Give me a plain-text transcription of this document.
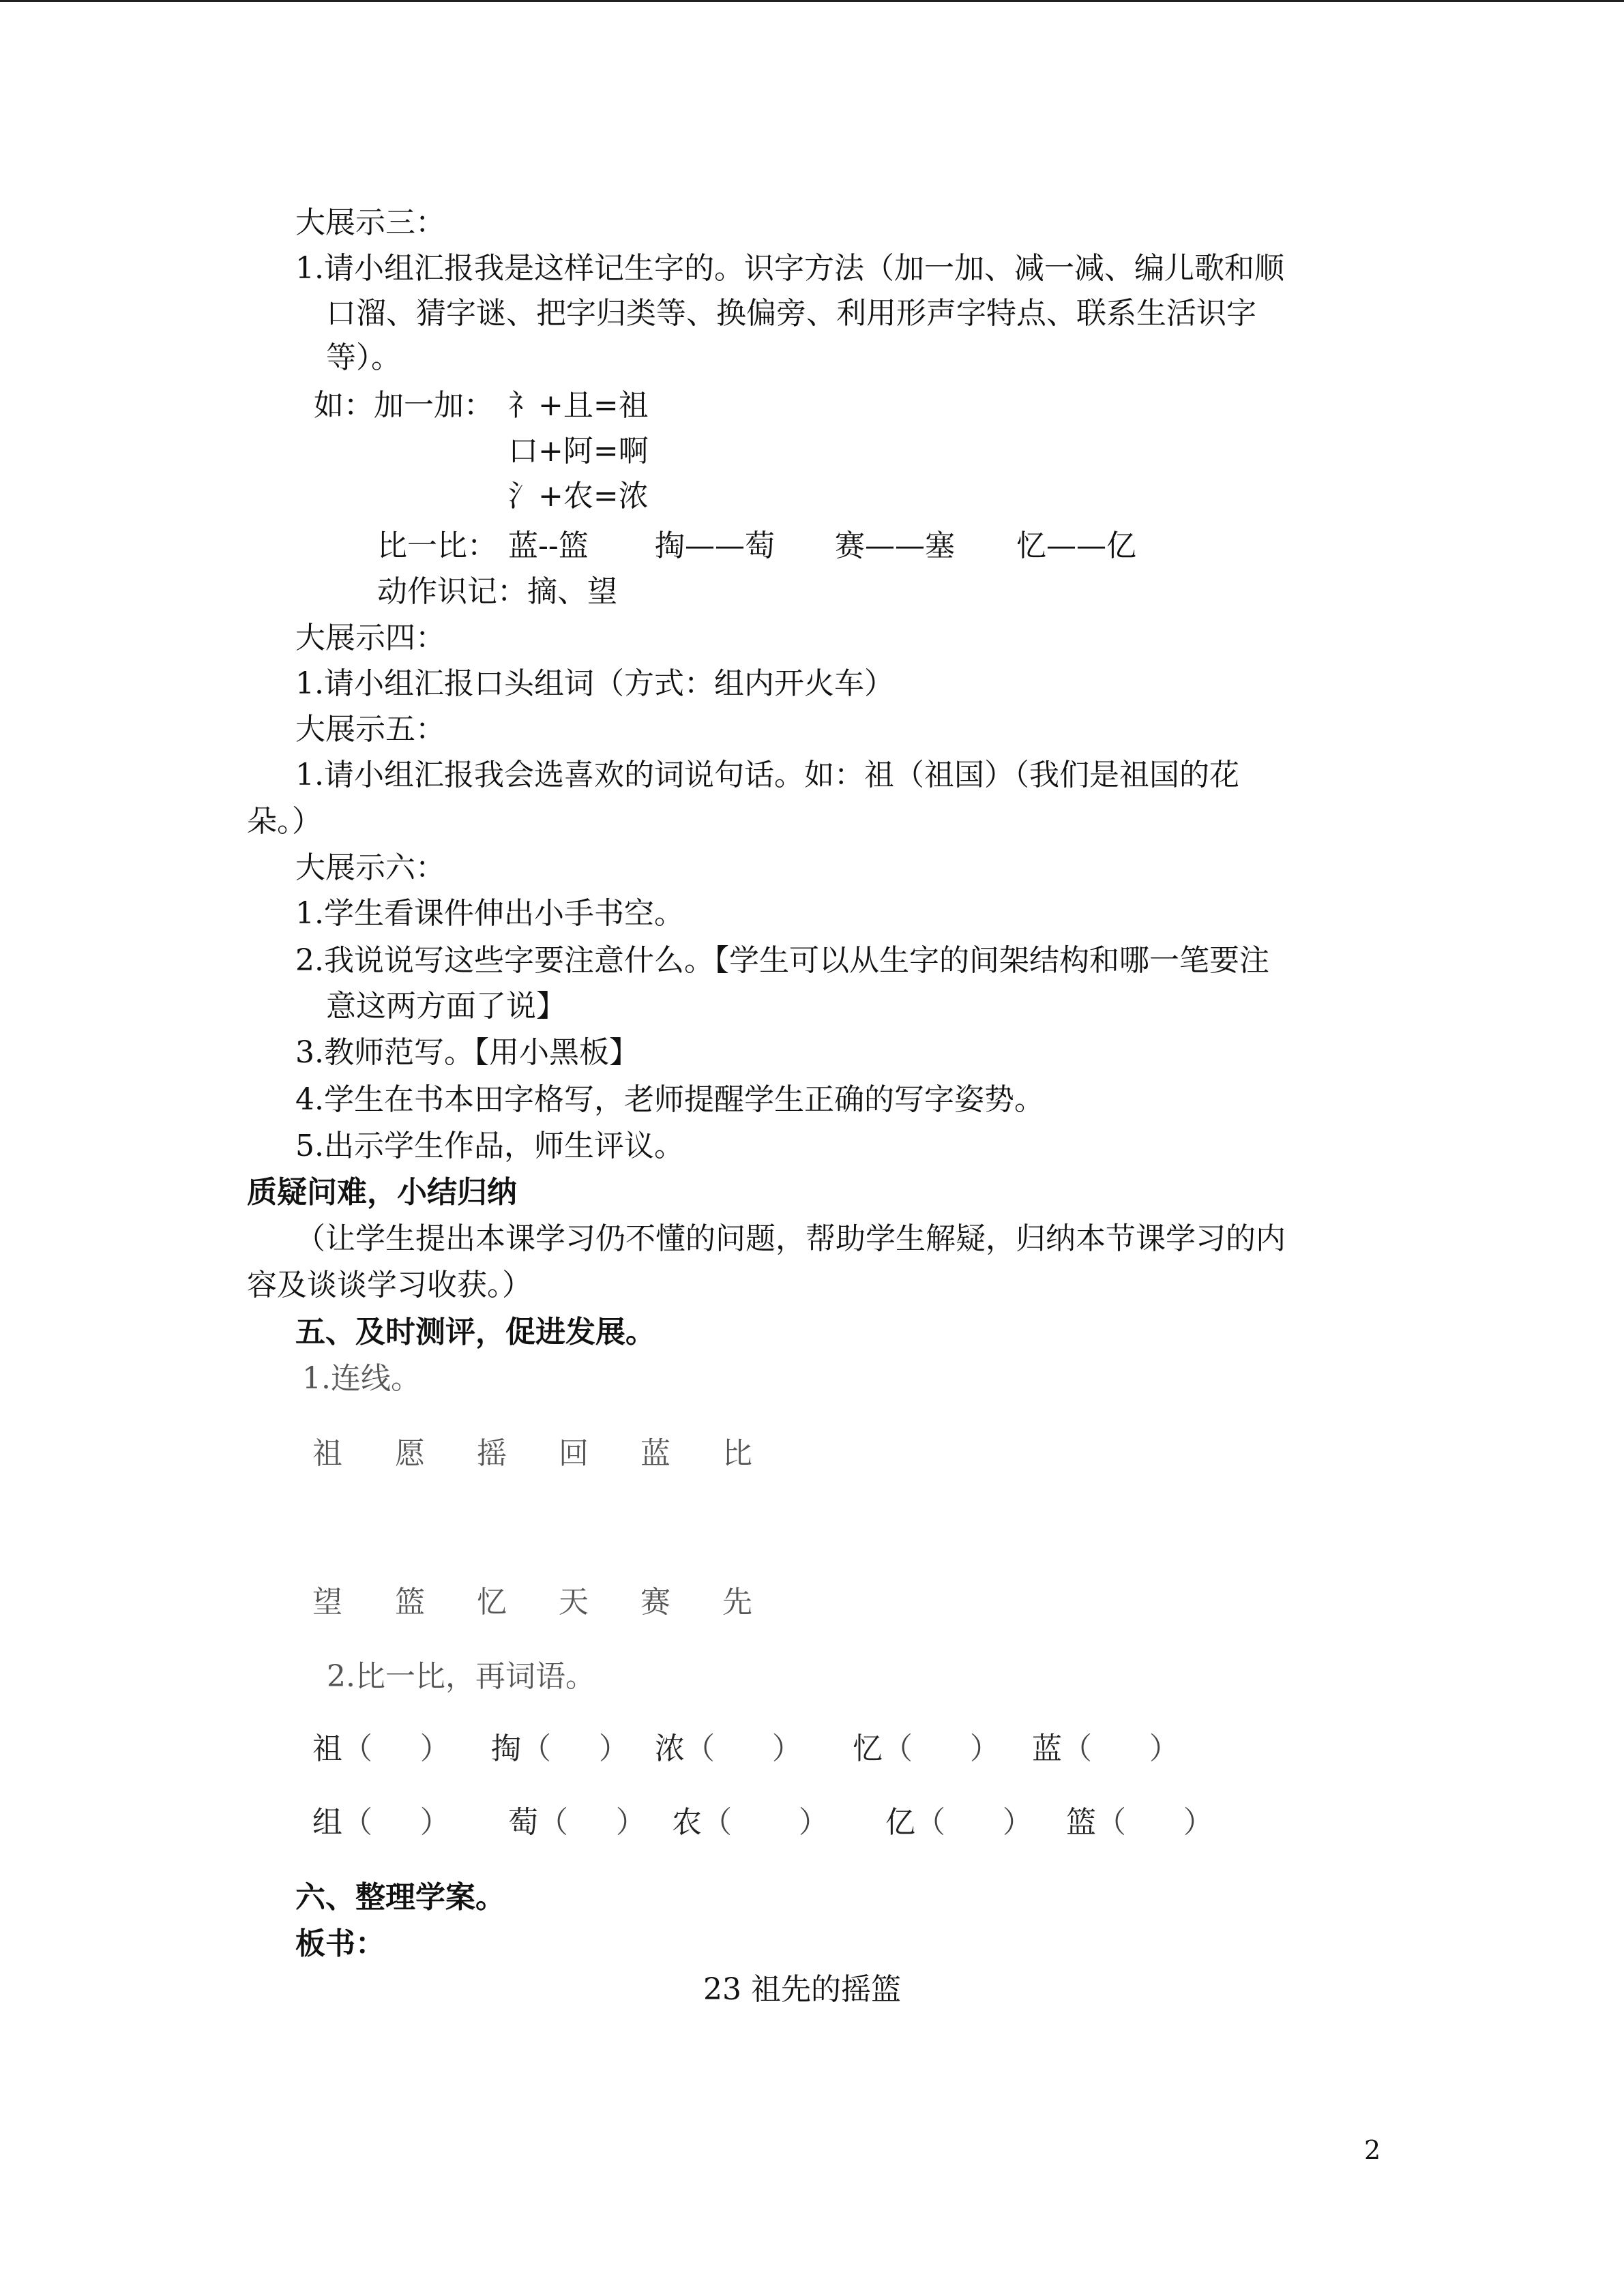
大展示三：
1.请小组汇报我是这样记生字的。识字方法（加一加、减一减、编儿歌和顺
口溜、猜字谜、把字归类等、换偏旁、利用形声字特点、联系生活识字
等）。
如：加一加： 礻+且=祖
口+阿=啊
氵+农=浓
比一比： 蓝--篮 掏——萄 赛——塞 忆——亿
动作识记：摘、望
大展示四：
1.请小组汇报口头组词（方式：组内开火车）
大展示五：
1.请小组汇报我会选喜欢的词说句话。如：祖（祖国）（我们是祖国的花
朵。）
大展示六：
1.学生看课件伸出小手书空。
2.我说说写这些字要注意什么。【学生可以从生字的间架结构和哪一笔要注
意这两方面了说】
3.教师范写。【用小黑板】
4.学生在书本田字格写，老师提醒学生正确的写字姿势。
5.出示学生作品，师生评议。
质疑问难，小结归纳
（让学生提出本课学习仍不懂的问题，帮助学生解疑，归纳本节课学习的内
容及谈谈学习收获。）
五、及时测评，促进发展。
1.连线。
祖 愿 摇 回 蓝 比
望 篮 忆 天 赛 先
2.比一比，再词语。
祖（     ） 掏（     ） 浓（      ） 忆（      ） 蓝（      ）
组（     ） 萄（     ） 农（       ） 亿（      ） 篮（      ）
六、整理学案。
板书：
23 祖先的摇篮
2
